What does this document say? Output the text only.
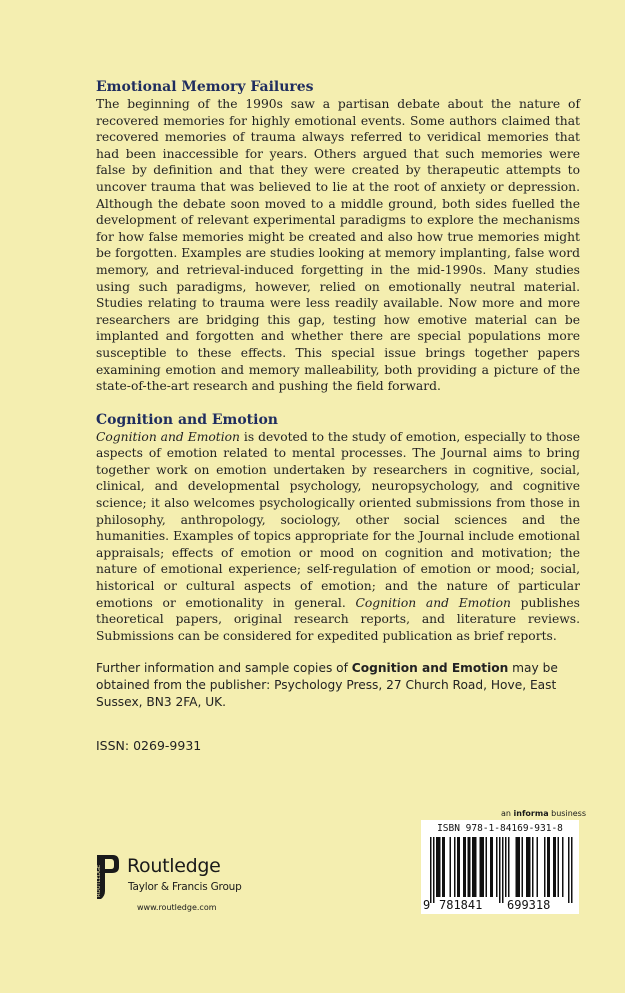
Emotional Memory Failures

The beginning of the 1990s saw a partisan debate about the nature of recovered memories for highly emotional events. Some authors claimed that recovered memories of trauma always referred to veridical memories that had been inaccessible for years. Others argued that such memories were false by definition and that they were created by therapeutic attempts to uncover trauma that was believed to lie at the root of anxiety or depression. Although the debate soon moved to a middle ground, both sides fuelled the development of relevant experimental paradigms to explore the mechanisms for how false memories might be created and also how true memories might be forgotten. Examples are studies looking at memory implanting, false word memory, and retrieval-induced forgetting in the mid-1990s. Many studies using such paradigms, however, relied on emotionally neutral material. Studies relating to trauma were less readily available. Now more and more researchers are bridging this gap, testing how emotive material can be implanted and forgotten and whether there are special populations more susceptible to these effects. This special issue brings together papers examining emotion and memory malleability, both providing a picture of the state-of-the-art research and pushing the field forward.

Cognition and Emotion

Cognition and Emotion is devoted to the study of emotion, especially to those aspects of emotion related to mental processes. The Journal aims to bring together work on emotion undertaken by researchers in cognitive, social, clinical, and developmental psychology, neuropsychology, and cognitive science; it also welcomes psychologically oriented submissions from those in philosophy, anthropology, sociology, other social sciences and the humanities. Examples of topics appropriate for the Journal include emotional appraisals; effects of emotion or mood on cognition and motivation; the nature of emotional experience; self-regulation of emotion or mood; social, historical or cultural aspects of emotion; and the nature of particular emotions or emotionality in general. Cognition and Emotion publishes theoretical papers, original research reports, and literature reviews. Submissions can be considered for expedited publication as brief reports.

Further information and sample copies of Cognition and Emotion may be obtained from the publisher: Psychology Press, 27 Church Road, Hove, East Sussex, BN3 2FA, UK.
ISSN: 0269-9931
ROUTLEDGE Routledge
Taylor & Francis Group
www.routledge.com
an informa business
ISBN 978-1-84169-931-8
9 781841 699318
